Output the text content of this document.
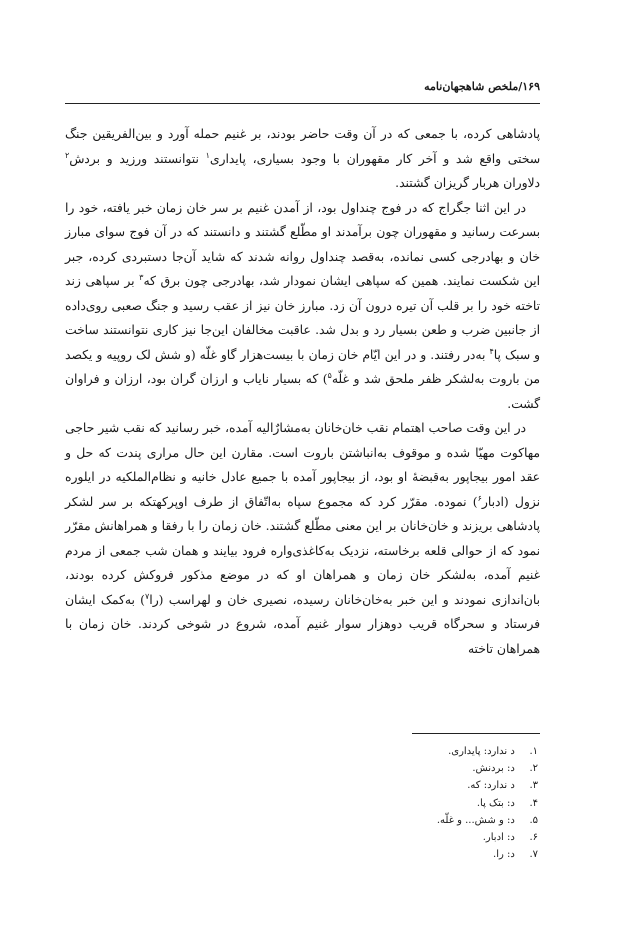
۱۶۹/ملخص شاهجهان‌نامه

پادشاهی کرده، با جمعی که در آن وقت حاضر بودند، بر غنیم حمله آورد و بین‌الفریقین جنگ سختی واقع شد و آخر کار مقهوران با وجود بسیاری، پایداری$^۱$ نتوانستند ورزید و بردش$^۲$ دلاوران هربار گریزان گشتند.

در این اثنا جگراج که در فوج چنداول بود، از آمدن غنیم بر سر خان زمان خبر یافته، خود را بسرعت رسانید و مقهوران چون برآمدند او مطّلع گشتند و دانستند که در آن فوج سوای مبارز خان و بهادرجی کسی نمانده، به‌قصد چنداول روانه شدند که شاید آن‌جا دستبردی کرده، جبر این شکست نمایند. همین که سپاهی ایشان نمودار شد، بهادرجی چون برق که$^۳$ بر سپاهی زند تاخته خود را بر قلب آن تیره درون آن زد. مبارز خان نیز از عقب رسید و جنگ صعبی روی‌داده از جانبین ضرب و طعن بسیار رد و بدل شد. عاقبت مخالفان این‌جا نیز کاری نتوانستند ساخت و سبک پا$^۴$ به‌در رفتند. و در این ایّام خان زمان با بیست‌هزار گاو غلّه (و شش لک روپیه و یکصد من باروت به‌لشکر ظفر ملحق شد و غلّه$^۵$) که بسیار نایاب و ارزان گران بود، ارزان و فراوان گشت.

در این وقت صاحب اهتمام نقب خان‌خانان به‌مشارٌالیه آمده، خبر رسانید که نقب شیر حاجی مهاکوت مهیّا شده و موقوف به‌انباشتن باروت است. مقارن این حال مراری پندت که حل و عقد امور بیجاپور به‌قبضهٔ او بود، از بیجاپور آمده با جمیع عادل خانیه و نظام‌الملکیه در ایلوره نزول (ادبار$^۶$) نموده. مقرّر کرد که مجموع سپاه به‌اتّفاق از طرف اوپرکهتکه بر سر لشکر پادشاهی بریزند و خان‌خانان بر این معنی مطّلع گشتند. خان زمان را با رفقا و همراهانش مقرّر نمود که از حوالی قلعه برخاسته، نزدیک به‌کاغذی‌واره فرود بیایند و همان شب جمعی از مردم غنیم آمده، به‌لشکر خان زمان و همراهان او که در موضع مذکور فروکش کرده بودند، بان‌اندازی نمودند و این خبر به‌خان‌خانان رسیده، نصیری خان و لهراسب (را$^۷$) به‌کمک ایشان فرستاد و سحرگاه قریب دوهزار سوار غنیم آمده، شروع در شوخی کردند. خان زمان با همراهان تاخته

۱. د ندارد: پایداری.
۲. د: بردنش.
۳. د ندارد: که.
۴. د: بتک پا.
۵. د: و شش... و غلّه.
۶. د: ادبار.
۷. د: را.
